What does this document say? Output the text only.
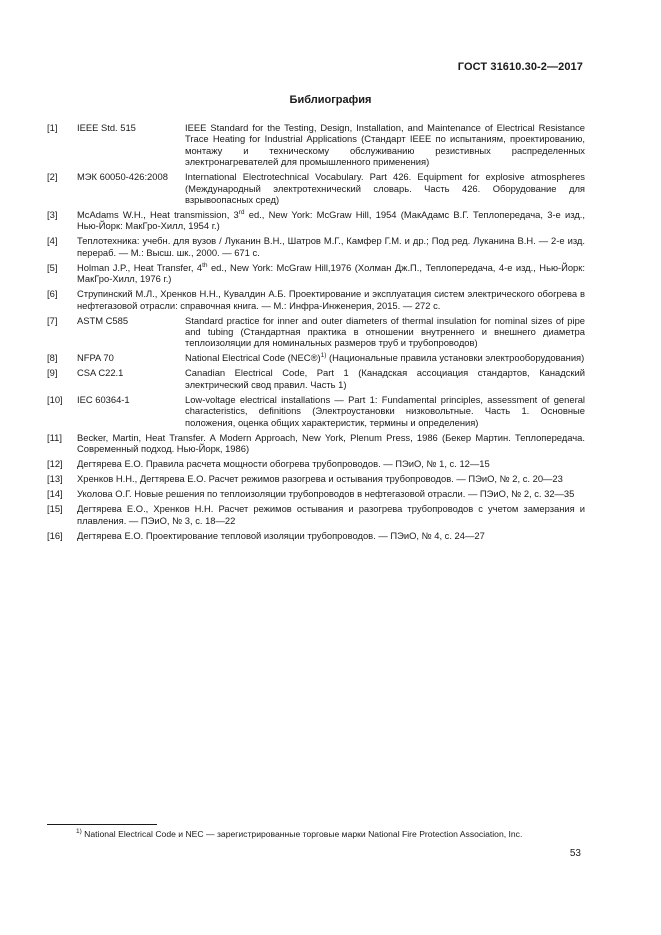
ГОСТ 31610.30-2—2017
Библиография
[1]	IEEE Std. 515	IEEE Standard for the Testing, Design, Installation, and Maintenance of Electrical Resistance Trace Heating for Industrial Applications (Стандарт IEEE по испытаниям, проектированию, монтажу и техническому обслуживанию резистивных распределенных электронагревателей для промышленного применения)
[2]	МЭК 60050-426:2008	International Electrotechnical Vocabulary. Part 426. Equipment for explosive atmospheres (Международный электротехнический словарь. Часть 426. Оборудование для взрывоопасных сред)
[3]	McAdams W.H., Heat transmission, 3rd ed., New York: McGraw Hill, 1954 (МакАдамс В.Г. Теплопередача, 3-е изд., Нью-Йорк: МакГро-Хилл, 1954 г.)
[4]	Теплотехника: учебн. для вузов / Луканин В.Н., Шатров М.Г., Камфер Г.М. и др.; Под ред. Луканина В.Н. — 2-е изд. перераб. — М.: Высш. шк., 2000. — 671 с.
[5]	Holman J.P., Heat Transfer, 4th ed., New York: McGraw Hill,1976 (Холман Дж.П., Теплопередача, 4-е изд., Нью-Йорк: МакГро-Хилл, 1976 г.)
[6]	Струпинский М.Л., Хренков Н.Н., Кувалдин А.Б. Проектирование и эксплуатация систем электрического обогрева в нефтегазовой отрасли: справочная книга. — М.: Инфра-Инженерия, 2015. — 272 с.
[7]	ASTM C585	Standard practice for inner and outer diameters of thermal insulation for nominal sizes of pipe and tubing (Стандартная практика в отношении внутреннего и внешнего диаметра теплоизоляции для номинальных размеров труб и трубопроводов)
[8]	NFPA 70	National Electrical Code (NEC®)$^{1)}$ (Национальные правила установки электрооборудования)
[9]	CSA C22.1	Canadian Electrical Code, Part 1 (Канадская ассоциация стандартов, Канадский электрический свод правил. Часть 1)
[10]	IEC 60364-1	Low-voltage electrical installations — Part 1: Fundamental principles, assessment of general characteristics, definitions (Электроустановки низковольтные. Часть 1. Основные положения, оценка общих характеристик, термины и определения)
[11]	Becker, Martin, Heat Transfer. A Modern Approach, New York, Plenum Press, 1986 (Бекер Мартин. Теплопередача. Современный подход. Нью-Йорк, 1986)
[12]	Дегтярева Е.О. Правила расчета мощности обогрева трубопроводов. — ПЭиО, № 1, с. 12—15
[13]	Хренков Н.Н., Дегтярева Е.О. Расчет режимов разогрева и остывания трубопроводов. — ПЭиО, № 2, с. 20—23
[14]	Уколова О.Г. Новые решения по теплоизоляции трубопроводов в нефтегазовой отрасли. — ПЭиО, № 2, с. 32—35
[15]	Дегтярева Е.О., Хренков Н.Н. Расчет режимов остывания и разогрева трубопроводов с учетом замерзания и плавления. — ПЭиО, № 3, с. 18—22
[16]	Дегтярева Е.О. Проектирование тепловой изоляции трубопроводов. — ПЭиО, № 4, с. 24—27
$^{1)}$ National Electrical Code и NEC — зарегистрированные торговые марки National Fire Protection Association, Inc.
53
